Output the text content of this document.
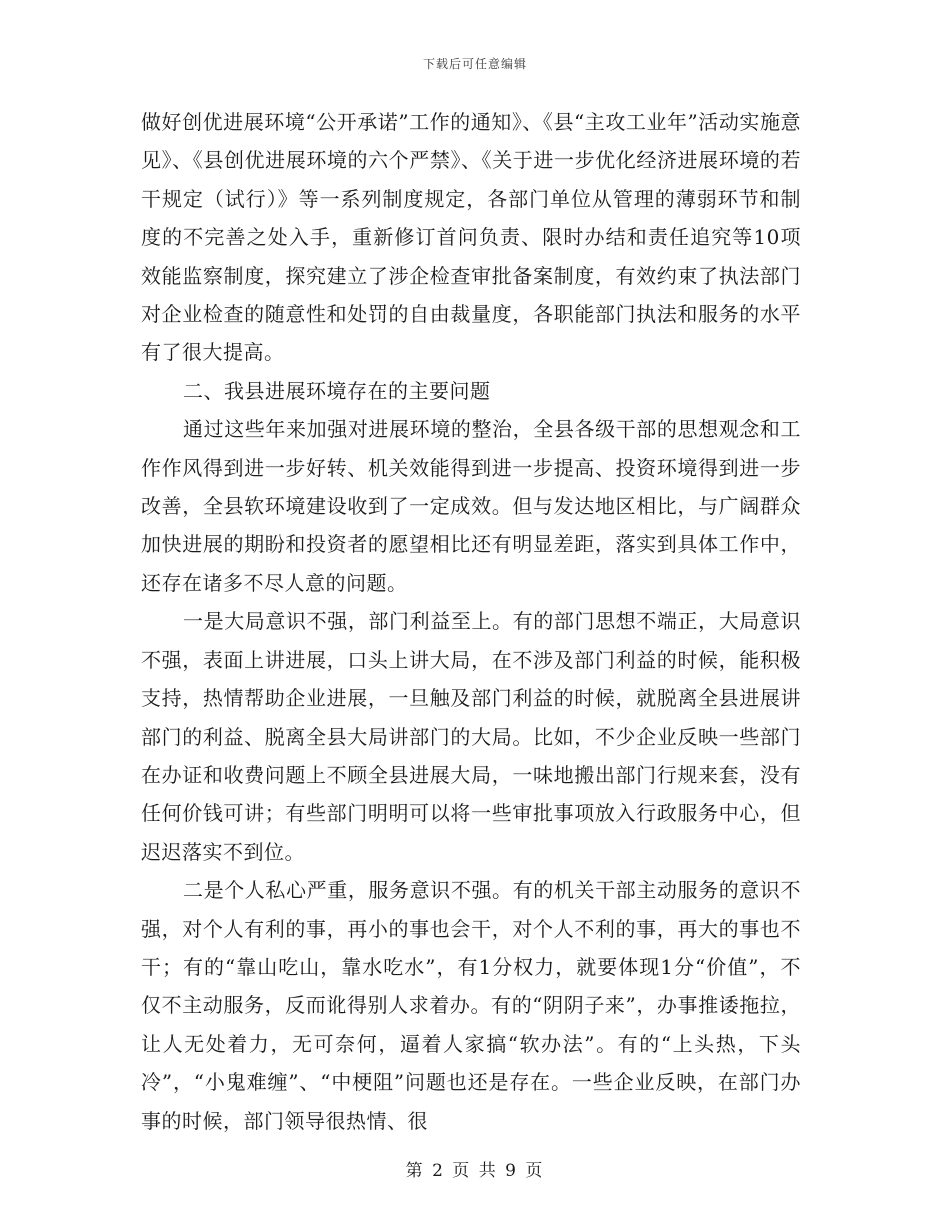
下载后可任意编辑

做好创优进展环境“公开承诺”工作的通知》、《县“主攻工业年”活动实施意见》、《县创优进展环境的六个严禁》、《关于进一步优化经济进展环境的若干规定（试行）》等一系列制度规定，各部门单位从管理的薄弱环节和制度的不完善之处入手，重新修订首问负责、限时办结和责任追究等10项效能监察制度，探究建立了涉企检查审批备案制度，有效约束了执法部门对企业检查的随意性和处罚的自由裁量度，各职能部门执法和服务的水平有了很大提高。

二、我县进展环境存在的主要问题

通过这些年来加强对进展环境的整治，全县各级干部的思想观念和工作作风得到进一步好转、机关效能得到进一步提高、投资环境得到进一步改善，全县软环境建设收到了一定成效。但与发达地区相比，与广阔群众加快进展的期盼和投资者的愿望相比还有明显差距，落实到具体工作中，还存在诸多不尽人意的问题。

一是大局意识不强，部门利益至上。有的部门思想不端正，大局意识不强，表面上讲进展，口头上讲大局，在不涉及部门利益的时候，能积极支持，热情帮助企业进展，一旦触及部门利益的时候，就脱离全县进展讲部门的利益、脱离全县大局讲部门的大局。比如，不少企业反映一些部门在办证和收费问题上不顾全县进展大局，一味地搬出部门行规来套，没有任何价钱可讲；有些部门明明可以将一些审批事项放入行政服务中心，但迟迟落实不到位。

二是个人私心严重，服务意识不强。有的机关干部主动服务的意识不强，对个人有利的事，再小的事也会干，对个人不利的事，再大的事也不干；有的“靠山吃山，靠水吃水”，有1分权力，就要体现1分“价值”，不仅不主动服务，反而讹得别人求着办。有的“阴阴子来”，办事推诿拖拉，让人无处着力，无可奈何，逼着人家搞“软办法”。有的“上头热，下头冷”，“小鬼难缠”、“中梗阻”问题也还是存在。一些企业反映，在部门办事的时候，部门领导很热情、很

第 2 页 共 9 页
